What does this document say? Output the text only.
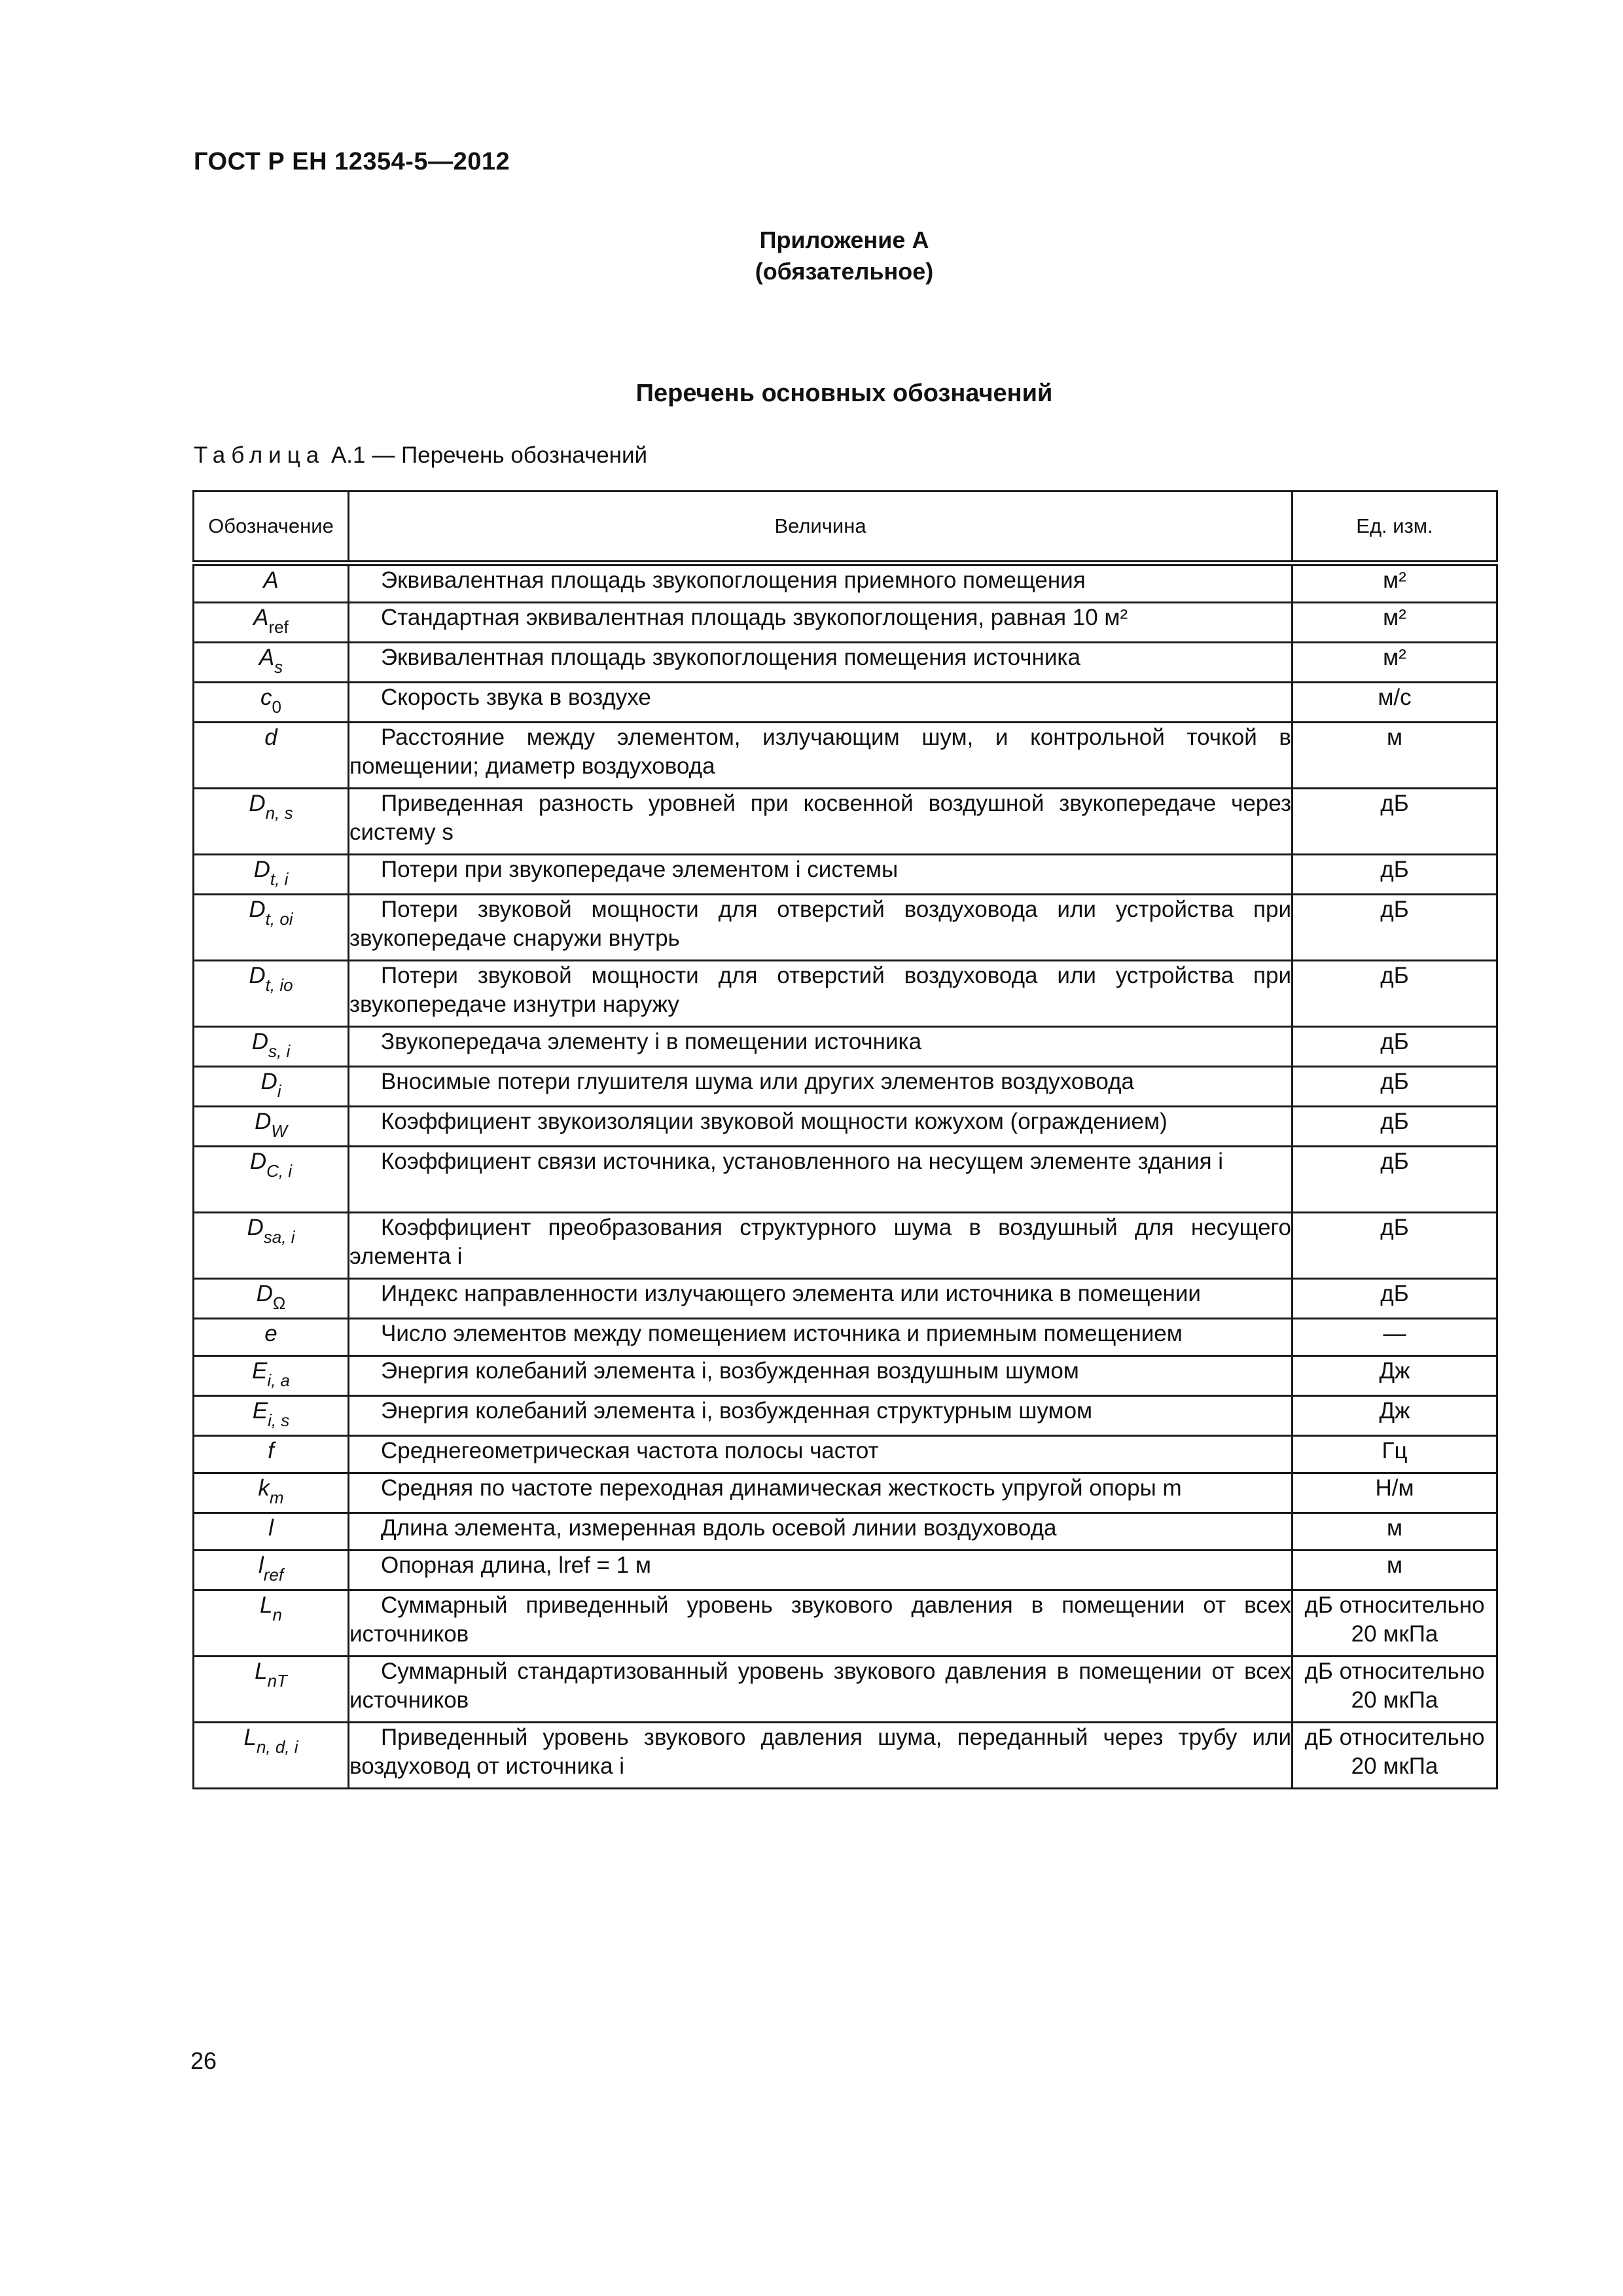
ГОСТ Р ЕН 12354-5—2012
Приложение А
(обязательное)
Перечень основных обозначений
Таблица А.1 — Перечень обозначений
Обозначение	Величина	Ед. изм.
A	Эквивалентная площадь звукопоглощения приемного помещения	м²
$A_{ref}$	Стандартная эквивалентная площадь звукопоглощения, равная 10 м²	м²
$A_s$	Эквивалентная площадь звукопоглощения помещения источника	м²
$c_0$	Скорость звука в воздухе	м/с
d	Расстояние между элементом, излучающим шум, и контрольной точкой в помещении; диаметр воздуховода	м
$D_{n, s}$	Приведенная разность уровней при косвенной воздушной звукопередаче через систему s	дБ
$D_{t, i}$	Потери при звукопередаче элементом i системы	дБ
$D_{t, oi}$	Потери звуковой мощности для отверстий воздуховода или устройства при звукопередаче снаружи внутрь	дБ
$D_{t, io}$	Потери звуковой мощности для отверстий воздуховода или устройства при звукопередаче изнутри наружу	дБ
$D_{s, i}$	Звукопередача элементу i в помещении источника	дБ
$D_i$	Вносимые потери глушителя шума или других элементов воздуховода	дБ
$D_W$	Коэффициент звукоизоляции звуковой мощности кожухом (ограждением)	дБ
$D_{C, i}$	Коэффициент связи источника, установленного на несущем элементе здания i	дБ
$D_{sa, i}$	Коэффициент преобразования структурного шума в воздушный для несущего элемента i	дБ
$D_\Omega$	Индекс направленности излучающего элемента или источника в помещении	дБ
e	Число элементов между помещением источника и приемным помещением	—
$E_{i, a}$	Энергия колебаний элемента i, возбужденная воздушным шумом	Дж
$E_{i, s}$	Энергия колебаний элемента i, возбужденная структурным шумом	Дж
f	Среднегеометрическая частота полосы частот	Гц
$k_m$	Средняя по частоте переходная динамическая жесткость упругой опоры m	Н/м
l	Длина элемента, измеренная вдоль осевой линии воздуховода	м
$l_{ref}$	Опорная длина, lref = 1 м	м
$L_n$	Суммарный приведенный уровень звукового давления в помещении от всех источников	дБ относительно 20 мкПа
$L_{nT}$	Суммарный стандартизованный уровень звукового давления в помещении от всех источников	дБ относительно 20 мкПа
$L_{n, d, i}$	Приведенный уровень звукового давления шума, переданный через трубу или воздуховод от источника i	дБ относительно 20 мкПа
26
